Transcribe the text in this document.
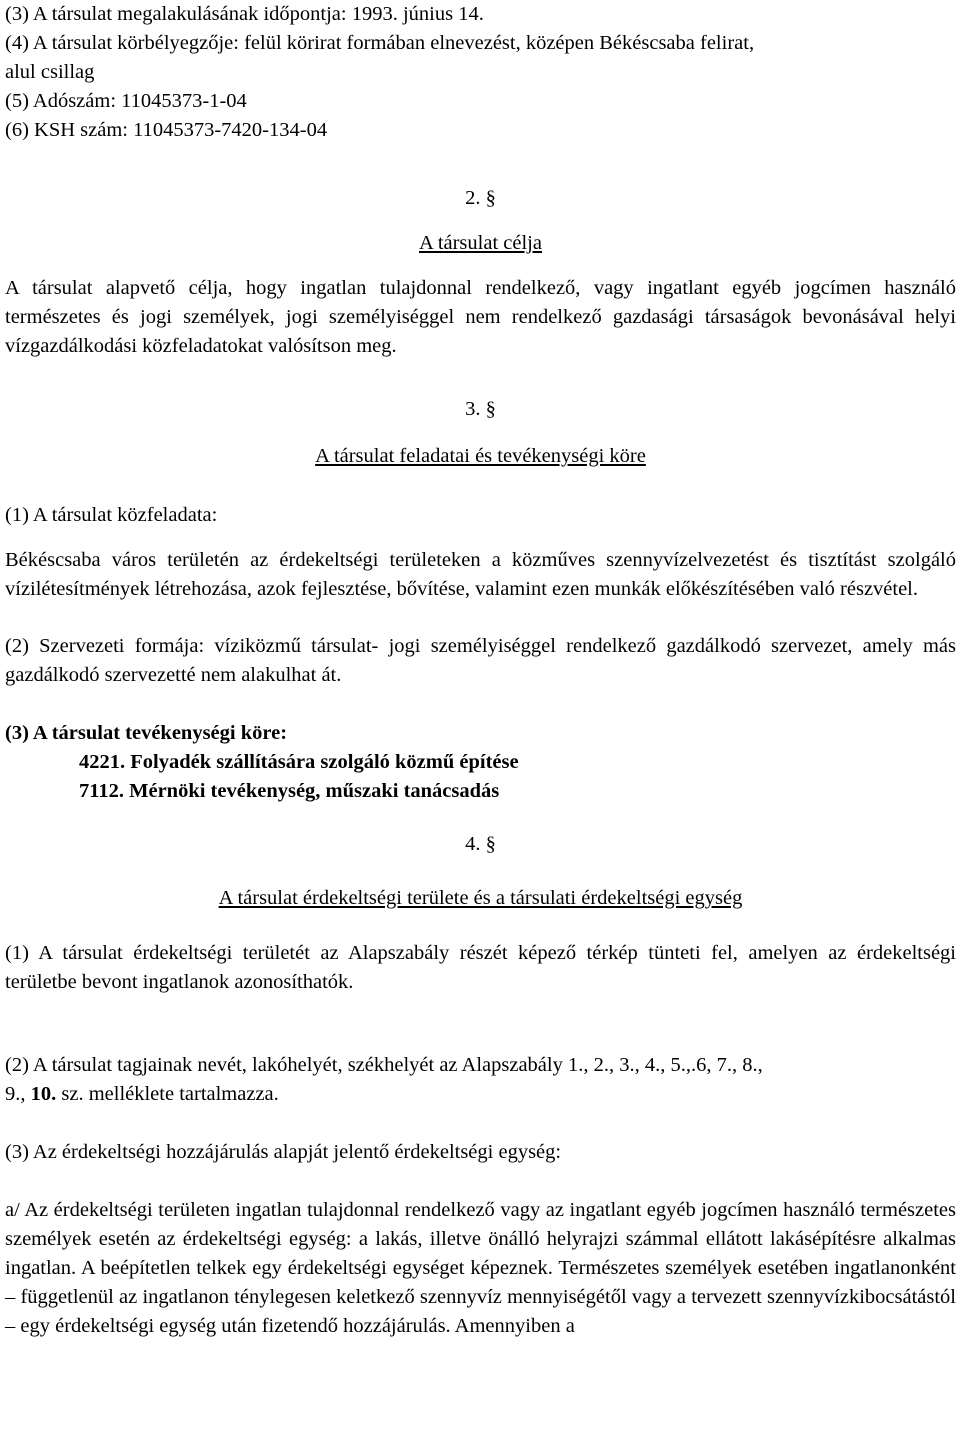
(3) A társulat megalakulásának időpontja: 1993. június 14.

(4) A társulat körbélyegzője: felül körirat formában elnevezést, középen Békéscsaba felirat,

alul csillag

(5) Adószám: 11045373-1-04

(6) KSH szám: 11045373-7420-134-04

2. §

A társulat célja

A társulat alapvető célja, hogy ingatlan tulajdonnal rendelkező, vagy ingatlant egyéb jogcímen használó természetes és jogi személyek, jogi személyiséggel nem rendelkező gazdasági társaságok bevonásával helyi vízgazdálkodási közfeladatokat valósítson meg.

3. §

A társulat feladatai és tevékenységi köre

(1) A társulat közfeladata:

Békéscsaba város területén az érdekeltségi területeken a közműves szennyvízelvezetést és tisztítást szolgáló vízilétesítmények létrehozása, azok fejlesztése, bővítése, valamint ezen munkák előkészítésében való részvétel.

(2) Szervezeti formája: víziközmű társulat- jogi személyiséggel rendelkező gazdálkodó szervezet, amely más gazdálkodó szervezetté nem alakulhat át.

(3) A társulat tevékenységi köre:

4221. Folyadék szállítására szolgáló közmű építése

7112. Mérnöki tevékenység, műszaki tanácsadás

4. §

A társulat érdekeltségi területe és a társulati érdekeltségi egység

(1) A társulat érdekeltségi területét az Alapszabály részét képező térkép tünteti fel, amelyen az érdekeltségi területbe bevont ingatlanok azonosíthatók.

(2) A társulat tagjainak nevét, lakóhelyét, székhelyét az Alapszabály 1., 2., 3., 4., 5.,.6, 7., 8.,

9., 10. sz. melléklete tartalmazza.

(3) Az érdekeltségi hozzájárulás alapját jelentő érdekeltségi egység:

a/ Az érdekeltségi területen ingatlan tulajdonnal rendelkező vagy az ingatlant egyéb jogcímen használó természetes személyek esetén az érdekeltségi egység: a lakás, illetve önálló helyrajzi számmal ellátott lakásépítésre alkalmas ingatlan. A beépítetlen telkek egy érdekeltségi egységet képeznek. Természetes személyek esetében ingatlanonként – függetlenül az ingatlanon ténylegesen keletkező szennyvíz mennyiségétől vagy a tervezett szennyvízkibocsátástól – egy érdekeltségi egység után fizetendő hozzájárulás. Amennyiben a
